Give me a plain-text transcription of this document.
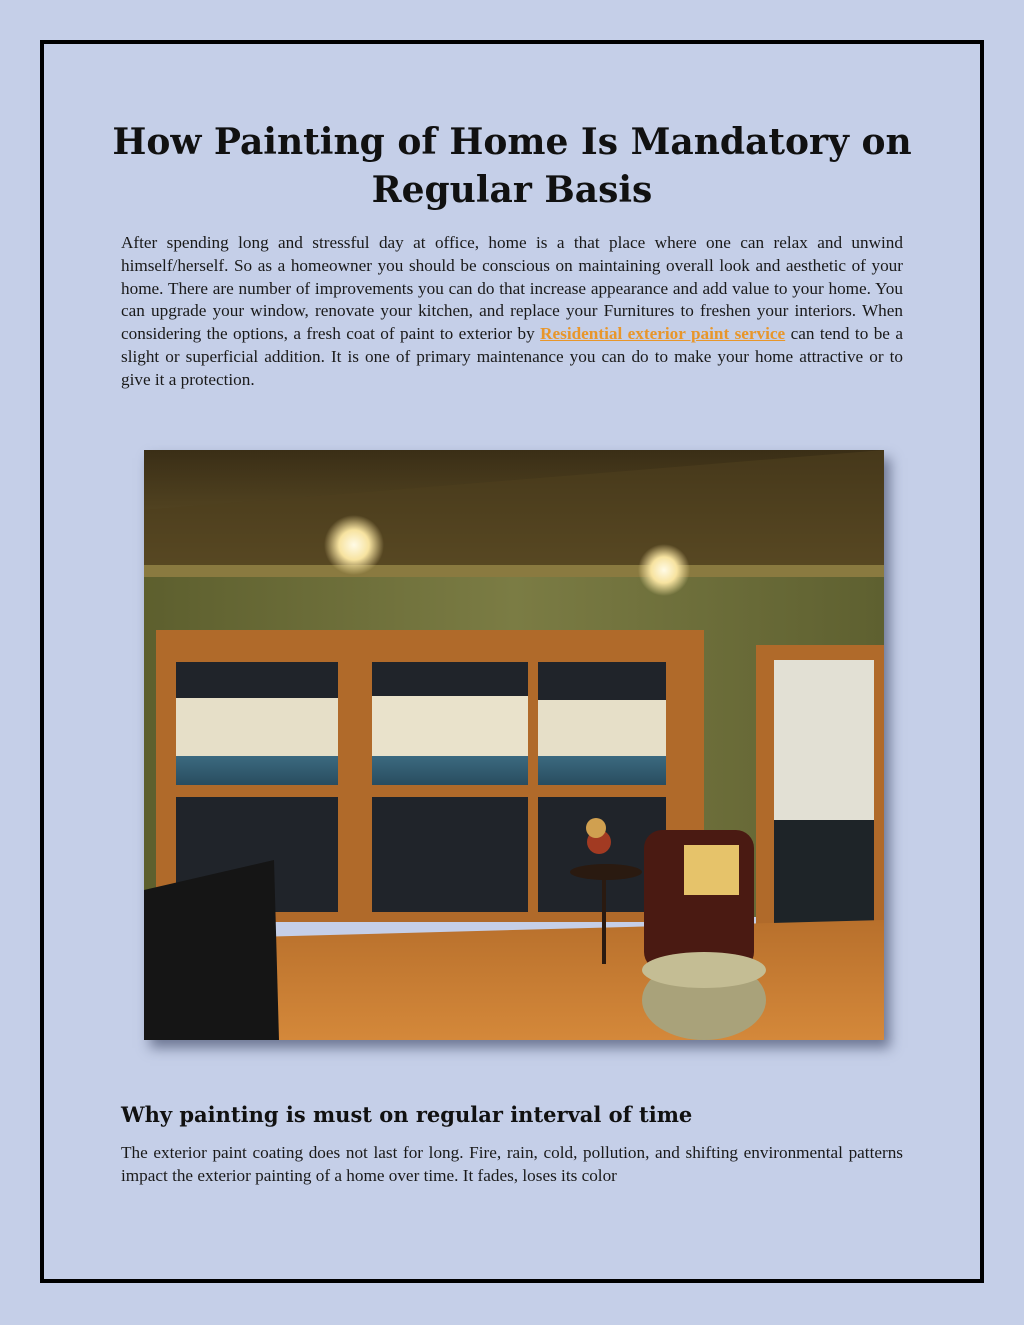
How Painting of Home Is Mandatory on Regular Basis

After spending long and stressful day at office, home is a that place where one can relax and unwind himself/herself. So as a homeowner you should be conscious on maintaining overall look and aesthetic of your home. There are number of improvements you can do that increase appearance and add value to your home. You can upgrade your window, renovate your kitchen, and replace your Furnitures to freshen your interiors. When considering the options, a fresh coat of paint to exterior by Residential exterior paint service can tend to be a slight or superficial addition. It is one of primary maintenance you can do to make your home attractive or to give it a protection.

Why painting is must on regular interval of time

The exterior paint coating does not last for long. Fire, rain, cold, pollution, and shifting environmental patterns impact the exterior painting of a home over time. It fades, loses its color
